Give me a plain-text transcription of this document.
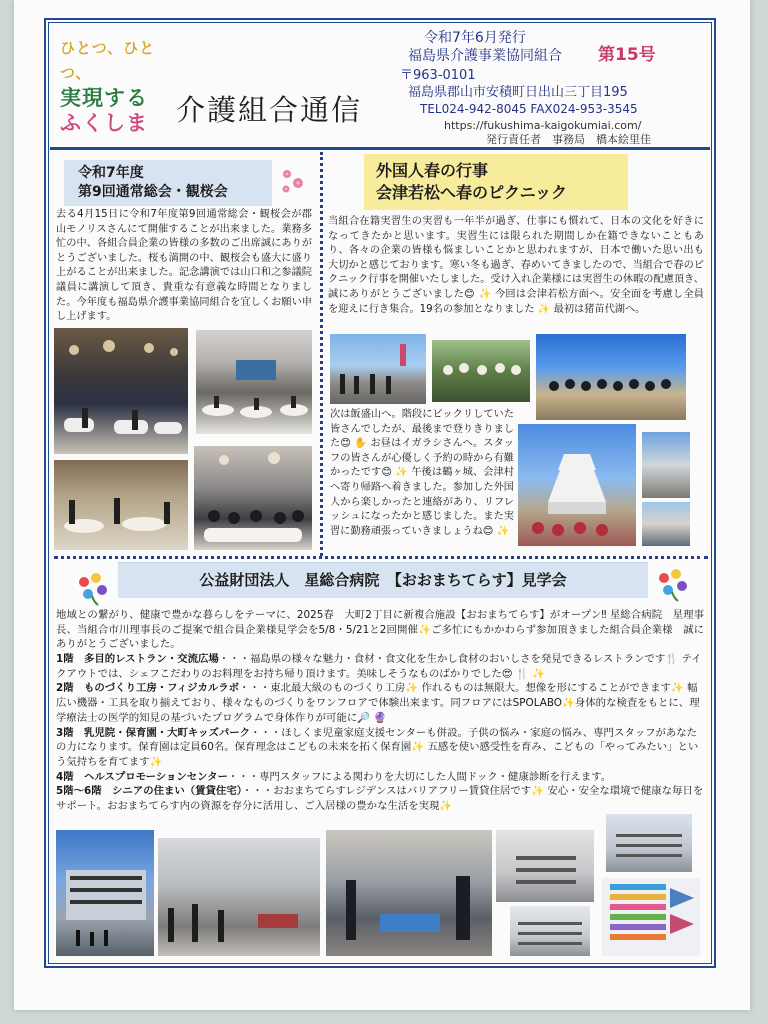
ひとつ、ひとつ、
実現する
ふくしま 介護組合通信
令和7年6月発行
福島県介護事業協同組合 第15号
〒963-0101
福島県郡山市安積町日出山三丁目195
TEL024-942-8045 FAX024-953-3545
https://fukushima-kaigokumiai.com/
発行責任者　事務局　橋本絵里佳
令和7年度
第9回通常総会・観桜会
去る4月15日に令和7年度第9回通常総会・観桜会が郡山モノリスさんにて開催することが出来ました。業務多忙の中、各組合員企業の皆様の多数のご出席誠にありがとうございました。桜も満開の中、観桜会も盛大に盛り上がることが出来ました。記念講演では山口和之参議院議員に講演して頂き、貴重な有意義な時間となりました。今年度も福島県介護事業協同組合を宜しくお願い申し上げます。
外国人春の行事
会津若松へ春のピクニック
当組合在籍実習生の実習も一年半が過ぎ、仕事にも慣れて、日本の文化を好きになってきたかと思います。実習生には限られた期間しか在籍できないこともあり、各々の企業の皆様も悩ましいことかと思われますが、日本で働いた思い出も大切かと感じております。寒い冬も過ぎ、春めいてきましたので、当組合で春のピクニック行事を開催いたしました。受け入れ企業様には実習生の休暇の配慮頂き、誠にありがとうございました😊 ✨ 今回は会津若松方面へ。安全面を考慮し全員を迎えに行き集合。19名の参加となりました ✨ 最初は猪苗代湖へ。
次は飯盛山へ。階段にビックリしていた皆さんでしたが、最後まで登りきりました😊 ✋ お昼はイガラシさんへ。スタッフの皆さんが心優しく予約の時から有難かったです😊 ✨ 午後は鶴ヶ城、会津村へ寄り帰路へ着きました。参加した外国人から楽しかったと連絡があり、リフレッシュになったかと感じました。また実習に勤務頑張っていきましょうね😊 ✨
公益財団法人　星総合病院　【おおまちてらす】見学会
地域との繋がり、健康で豊かな暮らしをテーマに、2025春　大町2丁目に新複合施設【おおまちてらす】がオープン‼ 星総合病院　星理事長、当組合市川理事長のご提案で組合員企業様見学会を5/8・5/21と2回開催✨ご多忙にもかかわらず参加頂きました組合員企業様　誠にありがとうございました。
1階　多目的レストラン・交流広場・・・福島県の様々な魅力・食材・食文化を生かし食材のおいしさを発見できるレストランです🍴 テイクアウトでは、シェフこだわりのお料理をお持ち帰り頂けます。美味しそうなものばかりでした😍 🍴 ✨
2階　ものづくり工房・フィジカルラボ・・・東北最大級のものづくり工房✨ 作れるものは無限大。想像を形にすることができます✨ 幅広い機器・工具を取り揃えており、様々なものづくりをワンフロアで体験出来ます。同フロアにはSPOLABO✨身体的な検査をもとに、理学療法士の医学的知見の基づいたプログラムで身体作りが可能に🔎 🔮
3階　乳児院・保育園・大町キッズパーク・・・ほしくま児童家庭支援センターも併設。子供の悩み・家庭の悩み、専門スタッフがあなたの力になります。保育園は定員60名。保育理念はこどもの未来を拓く保育園✨ 五感を使い感受性を育み、こどもの「やってみたい」という気持ちを育てます✨
4階　ヘルスプロモーションセンター・・・専門スタッフによる関わりを大切にした人間ドック・健康診断を行えます。
5階～6階　シニアの住まい（賃貸住宅）・・・おおまちてらすレジデンスはバリアフリー賃貸住居です✨ 安心・安全な環境で健康な毎日をサポート。おおまちてらす内の資源を存分に活用し、ご入居様の豊かな生活を実現✨
